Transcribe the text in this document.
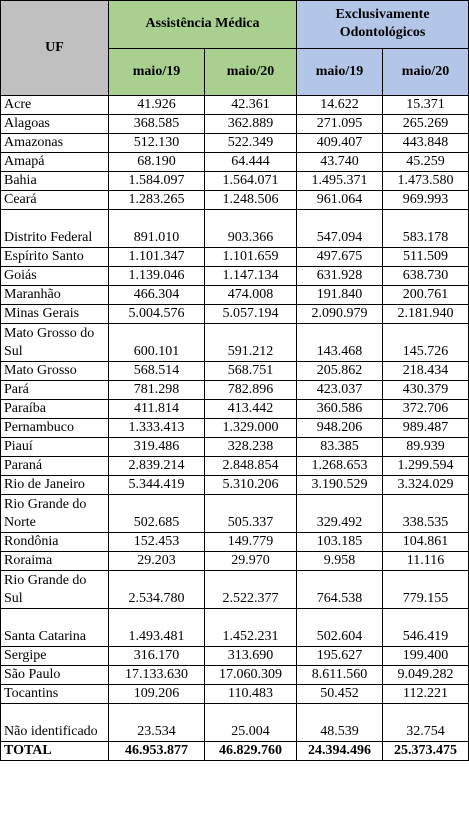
UF	Assistência Médica		Exclusivamente Odontológicos	
	maio/19	maio/20	maio/19	maio/20
Acre	41.926	42.361	14.622	15.371
Alagoas	368.585	362.889	271.095	265.269
Amazonas	512.130	522.349	409.407	443.848
Amapá	68.190	64.444	43.740	45.259
Bahia	1.584.097	1.564.071	1.495.371	1.473.580
Ceará	1.283.265	1.248.506	961.064	969.993
Distrito Federal	891.010	903.366	547.094	583.178
Espírito Santo	1.101.347	1.101.659	497.675	511.509
Goiás	1.139.046	1.147.134	631.928	638.730
Maranhão	466.304	474.008	191.840	200.761
Minas Gerais	5.004.576	5.057.194	2.090.979	2.181.940
Mato Grosso do Sul	600.101	591.212	143.468	145.726
Mato Grosso	568.514	568.751	205.862	218.434
Pará	781.298	782.896	423.037	430.379
Paraíba	411.814	413.442	360.586	372.706
Pernambuco	1.333.413	1.329.000	948.206	989.487
Piauí	319.486	328.238	83.385	89.939
Paraná	2.839.214	2.848.854	1.268.653	1.299.594
Rio de Janeiro	5.344.419	5.310.206	3.190.529	3.324.029
Rio Grande do Norte	502.685	505.337	329.492	338.535
Rondônia	152.453	149.779	103.185	104.861
Roraima	29.203	29.970	9.958	11.116
Rio Grande do Sul	2.534.780	2.522.377	764.538	779.155
Santa Catarina	1.493.481	1.452.231	502.604	546.419
Sergipe	316.170	313.690	195.627	199.400
São Paulo	17.133.630	17.060.309	8.611.560	9.049.282
Tocantins	109.206	110.483	50.452	112.221
Não identificado	23.534	25.004	48.539	32.754
TOTAL	46.953.877	46.829.760	24.394.496	25.373.475
